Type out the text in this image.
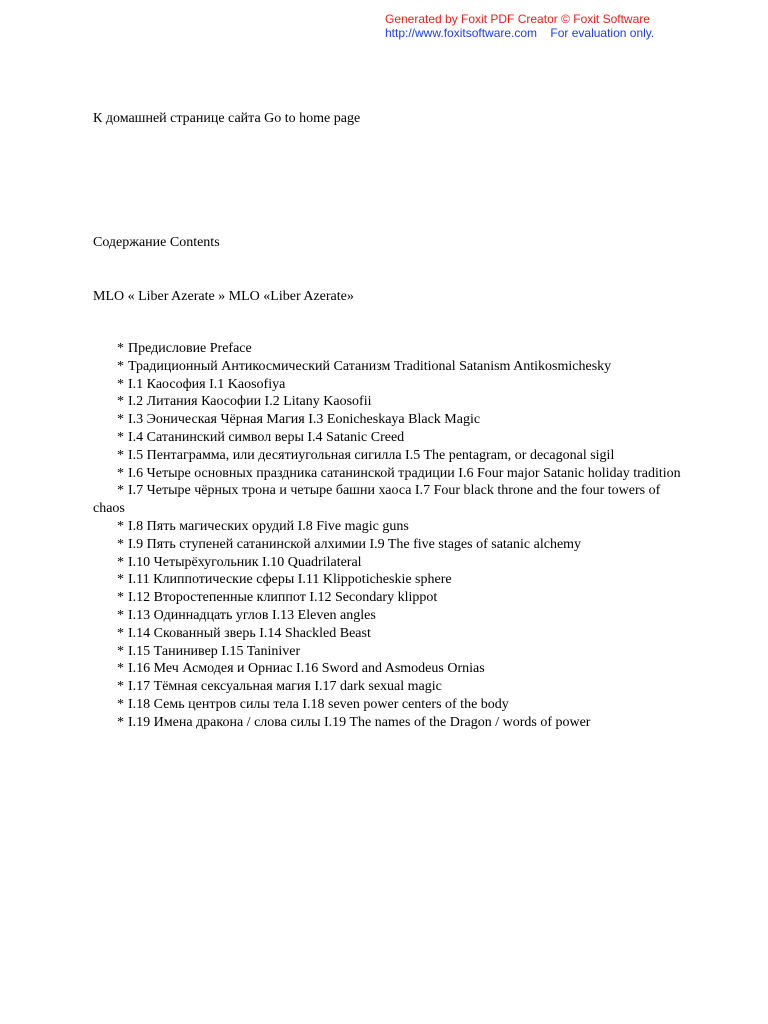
Generated by Foxit PDF Creator © Foxit Software
http://www.foxitsoftware.com    For evaluation only.
К домашней странице сайта Go to home page
Содержание Contents
MLO « Liber Azerate » MLO «Liber Azerate»
* Предисловие Preface
* Традиционный Антикосмический Сатанизм Traditional Satanism Antikosmichesky
* I.1 Каософия I.1 Kaosofiya
* I.2 Литания Каософии I.2 Litany Kaosofii
* I.3 Эоническая Чёрная Магия I.3 Eonicheskaya Black Magic
* I.4 Сатанинский символ веры I.4 Satanic Creed
* I.5 Пентаграмма, или десятиугольная сигилла I.5 The pentagram, or decagonal sigil
* I.6 Четыре основных праздника сатанинской традиции I.6 Four major Satanic holiday tradition
* I.7 Четыре чёрных трона и четыре башни хаоса I.7 Four black throne and the four towers of chaos
* I.8 Пять магических орудий I.8 Five magic guns
* I.9 Пять ступеней сатанинской алхимии I.9 The five stages of satanic alchemy
* I.10 Четырёхугольник I.10 Quadrilateral
* I.11 Клиппотические сферы I.11 Klippoticheskie sphere
* I.12 Второстепенные клиппот I.12 Secondary klippot
* I.13 Одиннадцать углов I.13 Eleven angles
* I.14 Скованный зверь I.14 Shackled Beast
* I.15 Танинивер I.15 Taniniver
* I.16 Меч Асмодея и Орниас I.16 Sword and Asmodeus Ornias
* I.17 Тёмная сексуальная магия I.17 dark sexual magic
* I.18 Семь центров силы тела I.18 seven power centers of the body
* I.19 Имена дракона / слова силы I.19 The names of the Dragon / words of power
